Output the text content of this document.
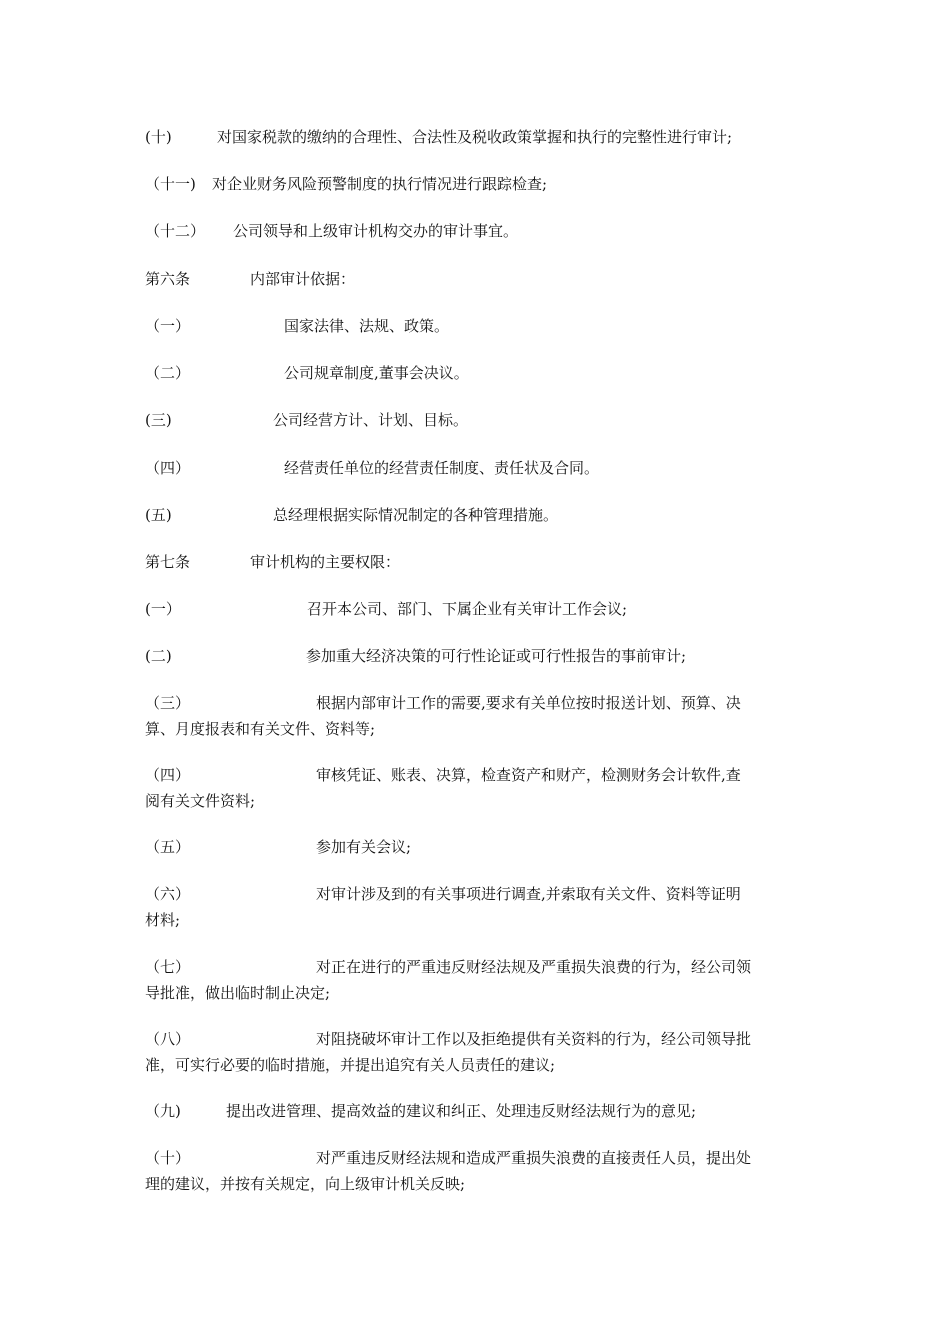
(十)	对国家税款的缴纳的合理性、合法性及税收政策掌握和执行的完整性进行审计;
（十一) 对企业财务风险预警制度的执行情况进行跟踪检查;
（十二） 公司领导和上级审计机构交办的审计事宜。
第六条	内部审计依据：
（一）	国家法律、法规、政策。
（二）	公司规章制度,董事会决议。
(三)	公司经营方计、计划、目标。
（四）	经营责任单位的经营责任制度、责任状及合同。
(五)	总经理根据实际情况制定的各种管理措施。
第七条	审计机构的主要权限：
(一）	召开本公司、部门、下属企业有关审计工作会议;
(二)	参加重大经济决策的可行性论证或可行性报告的事前审计;
（三）	根据内部审计工作的需要,要求有关单位按时报送计划、预算、决
算、月度报表和有关文件、资料等;
（四）	审核凭证、账表、决算，检查资产和财产，检测财务会计软件,查
阅有关文件资料;
（五）	参加有关会议;
（六）	对审计涉及到的有关事项进行调查,并索取有关文件、资料等证明
材料;
（七）	对正在进行的严重违反财经法规及严重损失浪费的行为，经公司领
导批准，做出临时制止决定;
（八）	对阻挠破坏审计工作以及拒绝提供有关资料的行为，经公司领导批
准，可实行必要的临时措施，并提出追究有关人员责任的建议;
（九)	提出改进管理、提高效益的建议和纠正、处理违反财经法规行为的意见;
（十）	对严重违反财经法规和造成严重损失浪费的直接责任人员，提出处
理的建议，并按有关规定，向上级审计机关反映;
